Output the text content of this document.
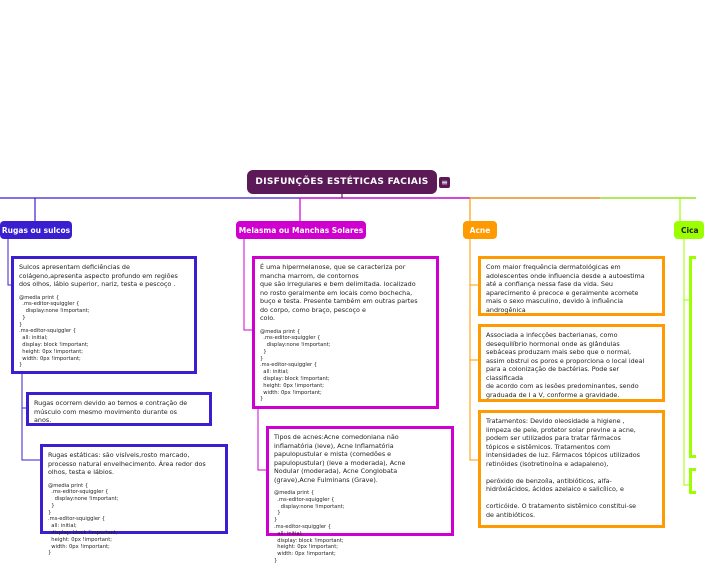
DISFUNÇÕES ESTÉTICAS FACIAIS ≡
Rugas ou sulcos	Melasma ou Manchas Solares	Acne	Cica
Sulcos apresentam deficiências de
colágeno,apresenta aspecto profundo em regiões
dos olhos, lábio superior, nariz, testa e pescoço .
@media print {
.ms-editor-squiggler {
display:none !important;
}
}
.ms-editor-squiggler {
all: initial;
display: block !important;
height: 0px !important;
width: 0px !important;
}
Rugas ocorrem devido ao temos e contração de
músculo com mesmo movimento durante os
anos.
Rugas estáticas: são visíveis,rosto marcado,
processo natural envelhecimento. Área redor dos
olhos, testa e lábios.
@media print {
.ms-editor-squiggler {
display:none !important;
}
}
.ms-editor-squiggler {
all: initial;
display: block !important;
height: 0px !important;
width: 0px !important;
}
É uma hipermelanose, que se caracteriza por
mancha marrom, de contornos
que são irregulares e bem delimitada. localizado
no rosto geralmente em locais como bochecha,
buço e testa. Presente também em outras partes
do corpo, como braço, pescoço e
colo.
@media print {
.ms-editor-squiggler {
display:none !important;
}
}
.ms-editor-squiggler {
all: initial;
display: block !important;
height: 0px !important;
width: 0px !important;
}
Tipos de acnes:Acne comedoniana não
inflamatória (leve), Acne Inflamatória
papulopustular e mista (comedões e
papulopustular) (leve a moderada), Acne
Nodular (moderada), Acne Conglobata
(grave),Acne Fulminans (Grave).
@media print {
.ms-editor-squiggler {
display:none !important;
}
}
.ms-editor-squiggler {
all: initial;
display: block !important;
height: 0px !important;
width: 0px !important;
}
Com maior frequência dermatológicas em
adolescentes onde influencia desde a autoestima
até a confiança nessa fase da vida. Seu
aparecimento é precoce e geralmente acomete
mais o sexo masculino, devido à influência
androgênica
Associada a infecções bacterianas, como
desequilíbrio hormonal onde as glândulas
sebáceas produzam mais sebo que o normal,
assim obstrui os poros e proporciona o local ideal
para a colonização de bactérias. Pode ser
classificada
de acordo com as lesões predominantes, sendo
graduada de I a V, conforme a gravidade.
Tratamentos: Devido oleosidade a higiene ,
limpeza de pele, protetor solar previne a acne,
podem ser utilizados para tratar fármacos
tópicos e sistêmicos. Tratamentos com
intensidades de luz. Fármacos tópicos utilizados
retinóides (isotretinoína e adapaleno),

peróxido de benzoíla, antibióticos, alfa-
hidróxiácidos, ácidos azelaico e salicílico, e

corticóide. O tratamento sistêmico constitui-se
de antibióticos.
